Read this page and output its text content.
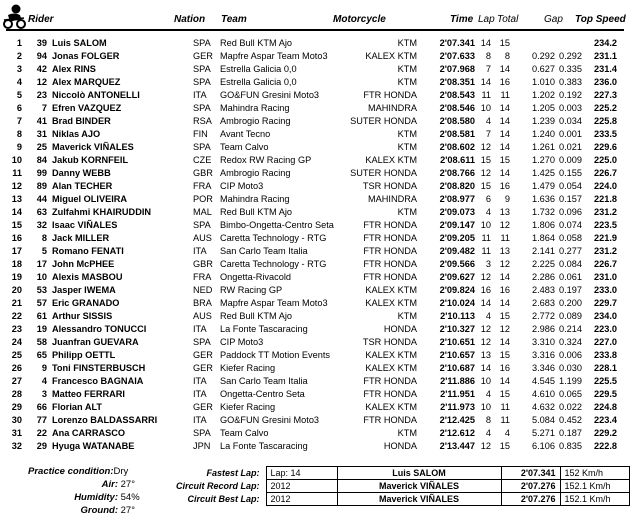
Rider	Nation Team	Motorcycle	Time Lap Total	Gap Top Speed
1 39 Luis SALOM	SPA Red Bull KTM Ajo	KTM 2'07.341 14 15	234.2
2 94 Jonas FOLGER	GER Mapfre Aspar Team Moto3	KALEX KTM 2'07.633 8 8 0.292 0.292 231.1
3 42 Alex RINS	SPA Estrella Galicia 0,0	KTM 2'07.968 7 14 0.627 0.335 231.4
4 12 Alex MARQUEZ	SPA Estrella Galicia 0,0	KTM 2'08.351 14 16 1.010 0.383 236.0
5 23 Niccolò ANTONELLI	ITA GO&FUN Gresini Moto3	FTR HONDA 2'08.543 11 11 1.202 0.192 227.3
6 7 Efren VAZQUEZ	SPA Mahindra Racing	MAHINDRA 2'08.546 10 14 1.205 0.003 225.2
7 41 Brad BINDER	RSA Ambrogio Racing	SUTER HONDA 2'08.580 4 14 1.239 0.034 225.8
8 31 Niklas AJO	FIN Avant Tecno	KTM 2'08.581 7 14 1.240 0.001 233.5
9 25 Maverick VIÑALES	SPA Team Calvo	KTM 2'08.602 12 14 1.261 0.021 229.6
10 84 Jakub KORNFEIL	CZE Redox RW Racing GP	KALEX KTM	2'08.611 15 15 1.270 0.009 225.0
11 99 Danny WEBB	GBR Ambrogio Racing	SUTER HONDA 2'08.766 12 14 1.425 0.155 226.7
12 89 Alan TECHER	FRA CIP Moto3	TSR HONDA 2'08.820 15 16 1.479 0.054 224.0
13 44 Miguel OLIVEIRA	POR Mahindra Racing	MAHINDRA 2'08.977 6 9 1.636 0.157 221.8
14 63 Zulfahmi KHAIRUDDIN	MAL Red Bull KTM Ajo	KTM 2'09.073 4 13 1.732 0.096 231.2
15 32 Isaac VIÑALES	SPA Bimbo-Ongetta-Centro Seta	FTR HONDA 2'09.147 10 12 1.806 0.074 223.5
16 8 Jack MILLER	AUS Caretta Technology - RTG	FTR HONDA 2'09.205 11 11 1.864 0.058 221.9
17 5 Romano FENATI	ITA San Carlo Team Italia	FTR HONDA 2'09.482 11 13 2.141 0.277 231.2
18 17 John McPHEE	GBR Caretta Technology - RTG	FTR HONDA 2'09.566 3 12 2.225 0.084 226.7
19 10 Alexis MASBOU	FRA Ongetta-Rivacold	FTR HONDA 2'09.627 12 14 2.286 0.061 231.0
20 53 Jasper IWEMA	NED RW Racing GP	KALEX KTM 2'09.824 16 16 2.483 0.197 233.0
21 57 Eric GRANADO	BRA Mapfre Aspar Team Moto3	KALEX KTM 2'10.024 14 14 2.683 0.200 229.7
22 61 Arthur SISSIS	AUS Red Bull KTM Ajo	KTM	2'10.113 4 15 2.772 0.089 234.0
23 19 Alessandro TONUCCI	ITA La Fonte Tascaracing	HONDA 2'10.327 12 12 2.986 0.214 223.0
24 58 Juanfran GUEVARA	SPA CIP Moto3	TSR HONDA 2'10.651 12 14 3.310 0.324 227.0
25 65 Philipp OETTL	GER Paddock TT Motion Events	KALEX KTM 2'10.657 13 15 3.316 0.006 233.8
26 9 Toni FINSTERBUSCH	GER Kiefer Racing	KALEX KTM 2'10.687 14 16 3.346 0.030 228.1
27 4 Francesco BAGNAIA	ITA San Carlo Team Italia	FTR HONDA	2'11.886 10 14 4.545 1.199 225.5
28 3 Matteo FERRARI	ITA Ongetta-Centro Seta	FTR HONDA	2'11.951 4 15 4.610 0.065 229.5
29 66 Florian ALT	GER Kiefer Racing	KALEX KTM	2'11.973 10 11 4.632 0.022 224.8
30 77 Lorenzo BALDASSARRI	ITA GO&FUN Gresini Moto3	FTR HONDA 2'12.425 8 11 5.084 0.452 223.4
31 22 Ana CARRASCO	SPA Team Calvo	KTM 2'12.612 4 4 5.271 0.187 229.2
32 29 Hyuga WATANABE	JPN La Fonte Tascaracing	HONDA 2'13.447 12 15 6.106 0.835 222.8
Practice condition:Dry
Air: 27°
Humidity: 54%
Ground: 27°
Fastest Lap:	Lap: 14	Luis SALOM	2'07.341	152 Km/h
Circuit Record Lap:	2012	Maverick VIÑALES	2'07.276	152.1 Km/h
Circuit Best Lap:	2012	Maverick VIÑALES	2'07.276	152.1 Km/h
